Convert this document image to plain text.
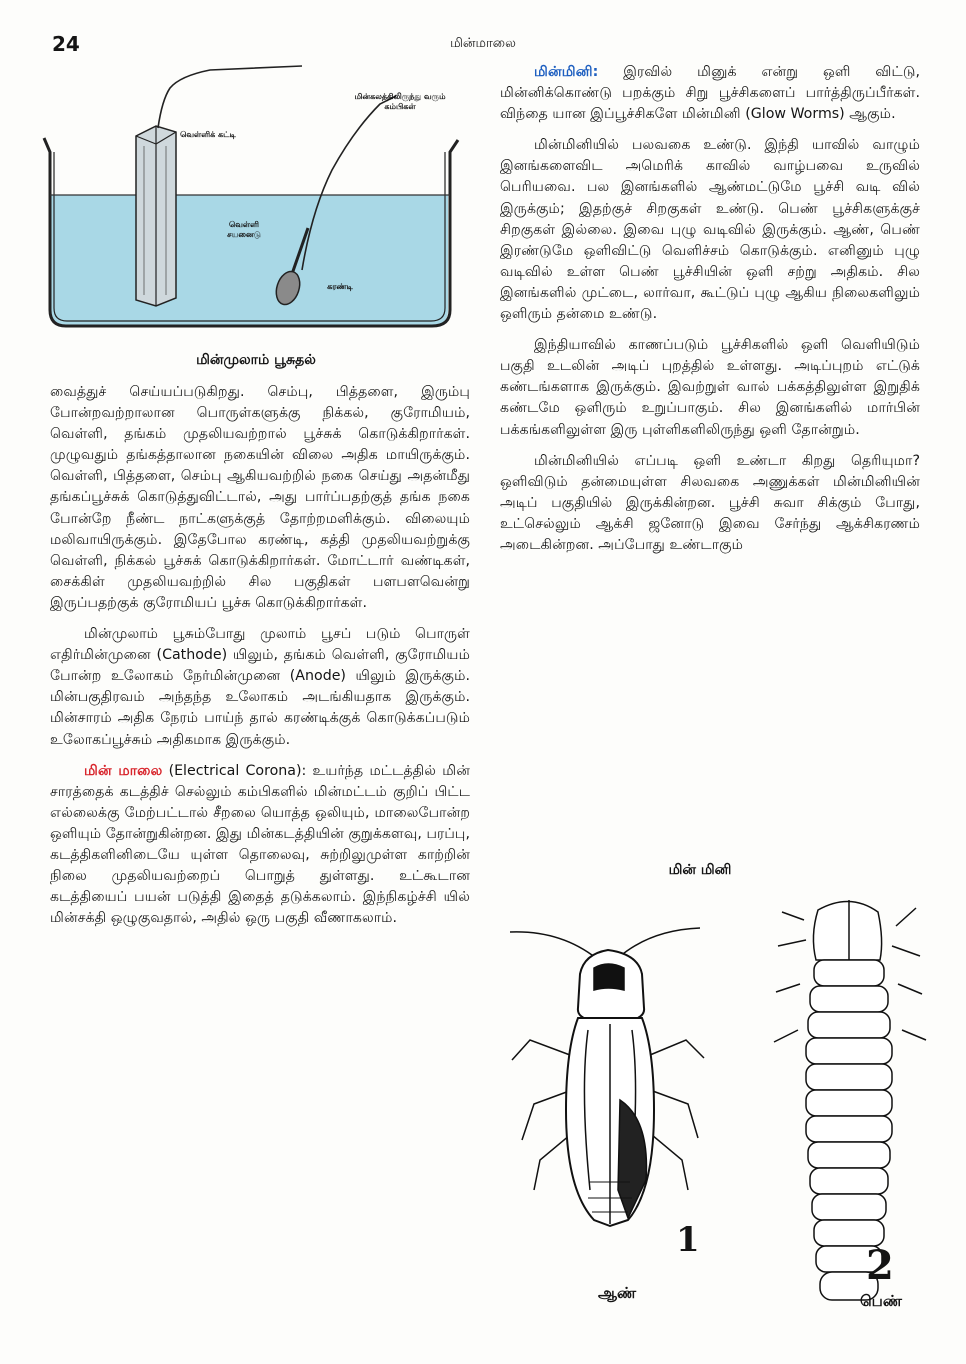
24	மின்மாலை
மின்கலத்திலிருந்து வரும் கம்பிகள்
வெள்ளிக் கட்டி
வெள்ளி சயனைடு
கரண்டி
மின்முலாம் பூசுதல்

வைத்துச் செய்யப்படுகிறது. செம்பு, பித்தளை, இரும்பு போன்றவற்றாலான பொருள்களுக்கு நிக்கல், குரோமியம், வெள்ளி, தங்கம் முதலியவற்றால் பூச்சுக் கொடுக்கிறார்கள். முழுவதும் தங்கத்தாலான நகையின் விலை அதிக மாயிருக்கும். வெள்ளி, பித்தளை, செம்பு ஆகியவற்றில் நகை செய்து அதன்மீது தங்கப்பூச்சுக் கொடுத்துவிட்டால், அது பார்ப்பதற்குத் தங்க நகை போன்றே நீண்ட நாட்களுக்குத் தோற்றமளிக்கும். விலையும் மலிவாயிருக்கும். இதேபோல கரண்டி, கத்தி முதலியவற்றுக்கு வெள்ளி, நிக்கல் பூச்சுக் கொடுக்கிறார்கள். மோட்டார் வண்டிகள், சைக்கிள் முதலியவற்றில் சில பகுதிகள் பளபளவென்று இருப்பதற்குக் குரோமியப் பூச்சு கொடுக்கிறார்கள்.

மின்முலாம் பூசும்போது முலாம் பூசப் படும் பொருள் எதிர்மின்முனை (Cathode) யிலும், தங்கம் வெள்ளி, குரோமியம் போன்ற உலோகம் நேர்மின்முனை (Anode) யிலும் இருக்கும். மின்பகுதிரவம் அந்தந்த உலோகம் அடங்கியதாக இருக்கும். மின்சாரம் அதிக நேரம் பாய்ந் தால் கரண்டிக்குக் கொடுக்கப்படும் உலோகப்பூச்சும் அதிகமாக இருக்கும்.

மின் மாலை (Electrical Corona): உயர்ந்த மட்டத்தில் மின் சாரத்தைக் கடத்திச் செல்லும் கம்பிகளில் மின்மட்டம் குறிப் பிட்ட எல்லைக்கு மேற்பட்டால் சீறலை யொத்த ஒலியும், மாலைபோன்ற ஒளியும் தோன்றுகின்றன. இது மின்கடத்தியின் குறுக்களவு, பரப்பு, கடத்திகளினிடையே யுள்ள தொலைவு, சுற்றிலுமுள்ள காற்றின் நிலை முதலியவற்றைப் பொறுத் துள்ளது. உட்கூடான கடத்தியைப் பயன் படுத்தி இதைத் தடுக்கலாம். இந்நிகழ்ச்சி யில் மின்சக்தி ஒழுகுவதால், அதில் ஒரு பகுதி வீணாகலாம்.

மின்மினி: இரவில் மினுக் என்று ஒளி விட்டு, மின்னிக்கொண்டு பறக்கும் சிறு பூச்சிகளைப் பார்த்திருப்பீர்கள். விந்தை யான இப்பூச்சிகளே மின்மினி (Glow Worms) ஆகும்.

மின்மினியில் பலவகை உண்டு. இந்தி யாவில் வாழும் இனங்களைவிட அமெரிக் காவில் வாழ்பவை உருவில் பெரியவை. பல இனங்களில் ஆண்மட்டுமே பூச்சி வடி வில் இருக்கும்; இதற்குச் சிறகுகள் உண்டு. பெண் பூச்சிகளுக்குச் சிறகுகள் இல்லை. இவை புழு வடிவில் இருக்கும். ஆண், பெண் இரண்டுமே ஒளிவிட்டு வெளிச்சம் கொடுக்கும். எனினும் புழு வடிவில் உள்ள பெண் பூச்சியின் ஒளி சற்று அதிகம். சில இனங்களில் முட்டை, லார்வா, கூட்டுப் புழு ஆகிய நிலைகளிலும் ஒளிரும் தன்மை உண்டு.

இந்தியாவில் காணப்படும் பூச்சிகளில் ஒளி வெளியிடும் பகுதி உடலின் அடிப் புறத்தில் உள்ளது. அடிப்புறம் எட்டுக் கண்டங்களாக இருக்கும். இவற்றுள் வால் பக்கத்திலுள்ள இறுதிக் கண்டமே ஒளிரும் உறுப்பாகும். சில இனங்களில் மார்பின் பக்கங்களிலுள்ள இரு புள்ளிகளிலிருந்து ஒளி தோன்றும்.

மின்மினியில் எப்படி ஒளி உண்டா கிறது தெரியுமா? ஒளிவிடும் தன்மையுள்ள சிலவகை அணுக்கள் மின்மினியின் அடிப் பகுதியில் இருக்கின்றன. பூச்சி சுவா சிக்கும் போது, உட்செல்லும் ஆக்சி ஜனோடு இவை சேர்ந்து ஆக்சிகரணம் அடைகின்றன. அப்போது உண்டாகும்

மின் மினி
1
ஆண்
2
பெண்
